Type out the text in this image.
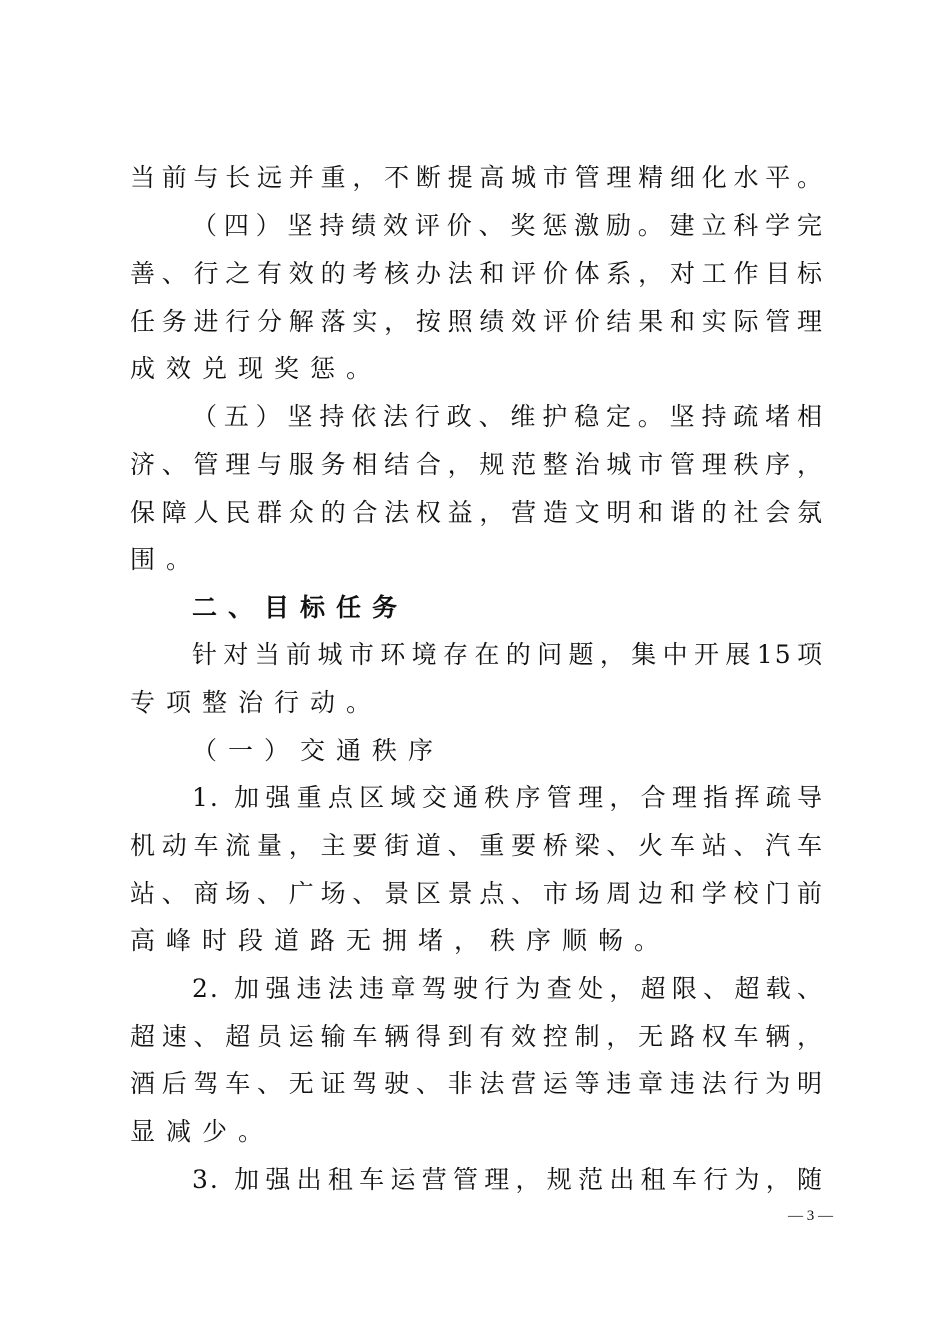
当前与长远并重，不断提高城市管理精细化水平。
（四）坚持绩效评价、奖惩激励。建立科学完
善、行之有效的考核办法和评价体系，对工作目标
任务进行分解落实，按照绩效评价结果和实际管理
成效兑现奖惩。
（五）坚持依法行政、维护稳定。坚持疏堵相
济、管理与服务相结合，规范整治城市管理秩序，
保障人民群众的合法权益，营造文明和谐的社会氛
围。
二、目标任务
针对当前城市环境存在的问题，集中开展15项
专项整治行动。
（一）交通秩序
1. 加强重点区域交通秩序管理，合理指挥疏导
机动车流量，主要街道、重要桥梁、火车站、汽车
站、商场、广场、景区景点、市场周边和学校门前
高峰时段道路无拥堵，秩序顺畅。
2. 加强违法违章驾驶行为查处，超限、超载、
超速、超员运输车辆得到有效控制，无路权车辆，
酒后驾车、无证驾驶、非法营运等违章违法行为明
显减少。
3. 加强出租车运营管理，规范出租车行为，随
— 3 —
